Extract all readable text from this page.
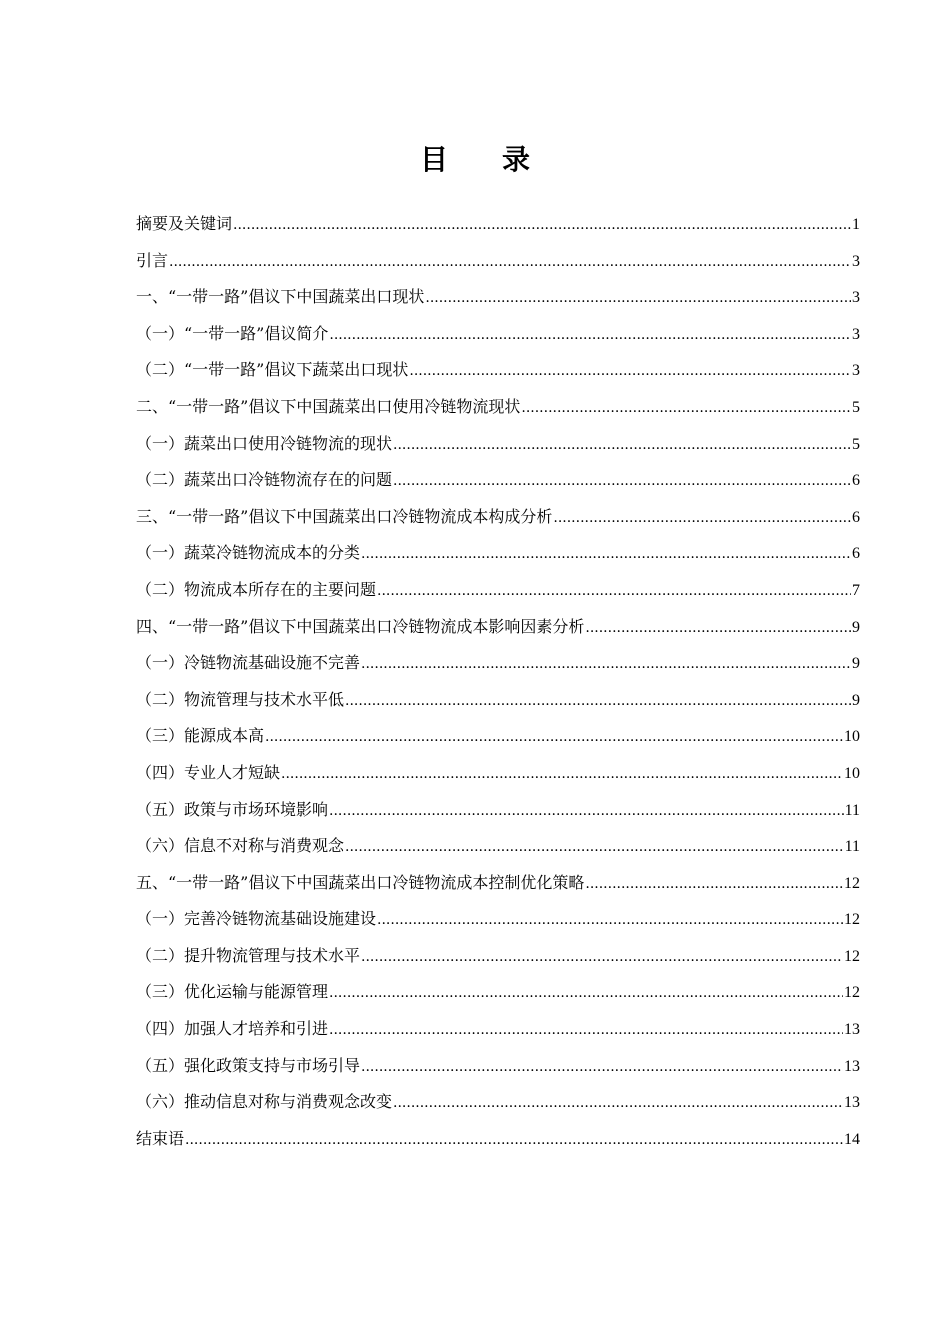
目 录
摘要及关键词 .....	1
引言 .....	3
一、“一带一路”倡议下中国蔬菜出口现状 .....	3
（一）“一带一路”倡议简介 .....	3
（二）“一带一路”倡议下蔬菜出口现状 .....	3
二、“一带一路”倡议下中国蔬菜出口使用冷链物流现状 .....	5
（一）蔬菜出口使用冷链物流的现状 .....	5
（二）蔬菜出口冷链物流存在的问题 .....	6
三、“一带一路”倡议下中国蔬菜出口冷链物流成本构成分析 .....	6
（一）蔬菜冷链物流成本的分类 .....	6
（二）物流成本所存在的主要问题 .....	7
四、“一带一路”倡议下中国蔬菜出口冷链物流成本影响因素分析 .....	9
（一）冷链物流基础设施不完善 .....	9
（二）物流管理与技术水平低 .....	9
（三）能源成本高 .....	10
（四）专业人才短缺 .....	10
（五）政策与市场环境影响 .....	11
（六）信息不对称与消费观念 .....	11
五、“一带一路”倡议下中国蔬菜出口冷链物流成本控制优化策略 .....	12
（一）完善冷链物流基础设施建设 .....	12
（二）提升物流管理与技术水平 .....	12
（三）优化运输与能源管理 .....	12
（四）加强人才培养和引进 .....	13
（五）强化政策支持与市场引导 .....	13
（六）推动信息对称与消费观念改变 .....	13
结束语 .....	14
